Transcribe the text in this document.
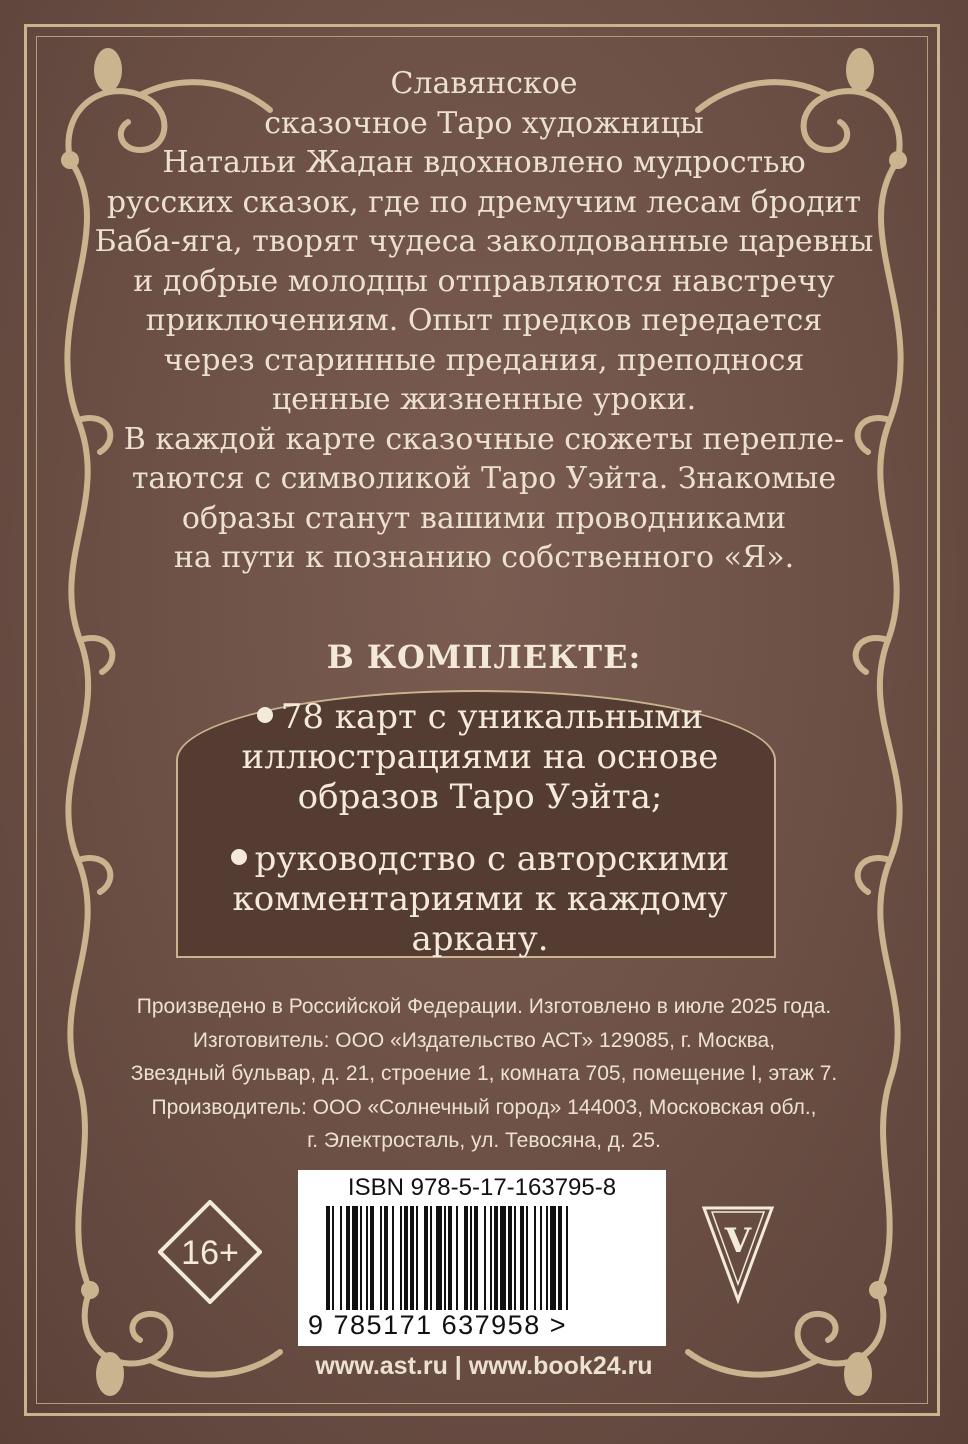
Славянское
сказочное Таро художницы
Натальи Жадан вдохновлено мудростью
русских сказок, где по дремучим лесам бродит
Баба-яга, творят чудеса заколдованные царевны
и добрые молодцы отправляются навстречу
приключениям. Опыт предков передается
через старинные предания, преподнося
ценные жизненные уроки.
В каждой карте сказочные сюжеты перепле-
таются с символикой Таро Уэйта. Знакомые
образы станут вашими проводниками
на пути к познанию собственного «Я».
В КОМПЛЕКТЕ:
78 карт с уникальными
иллюстрациями на основе
образов Таро Уэйта;
руководство с авторскими
комментариями к каждому
аркану.
Произведено в Российской Федерации. Изготовлено в июле 2025 года.
Изготовитель: ООО «Издательство АСТ» 129085, г. Москва,
Звездный бульвар, д. 21, строение 1, комната 705, помещение I, этаж 7.
Производитель: ООО «Солнечный город» 144003, Московская обл.,
г. Электросталь, ул. Тевосяна, д. 25.
16+
ISBN 978-5-17-163795-8
9 785171 637958 >
V
www.ast.ru | www.book24.ru
